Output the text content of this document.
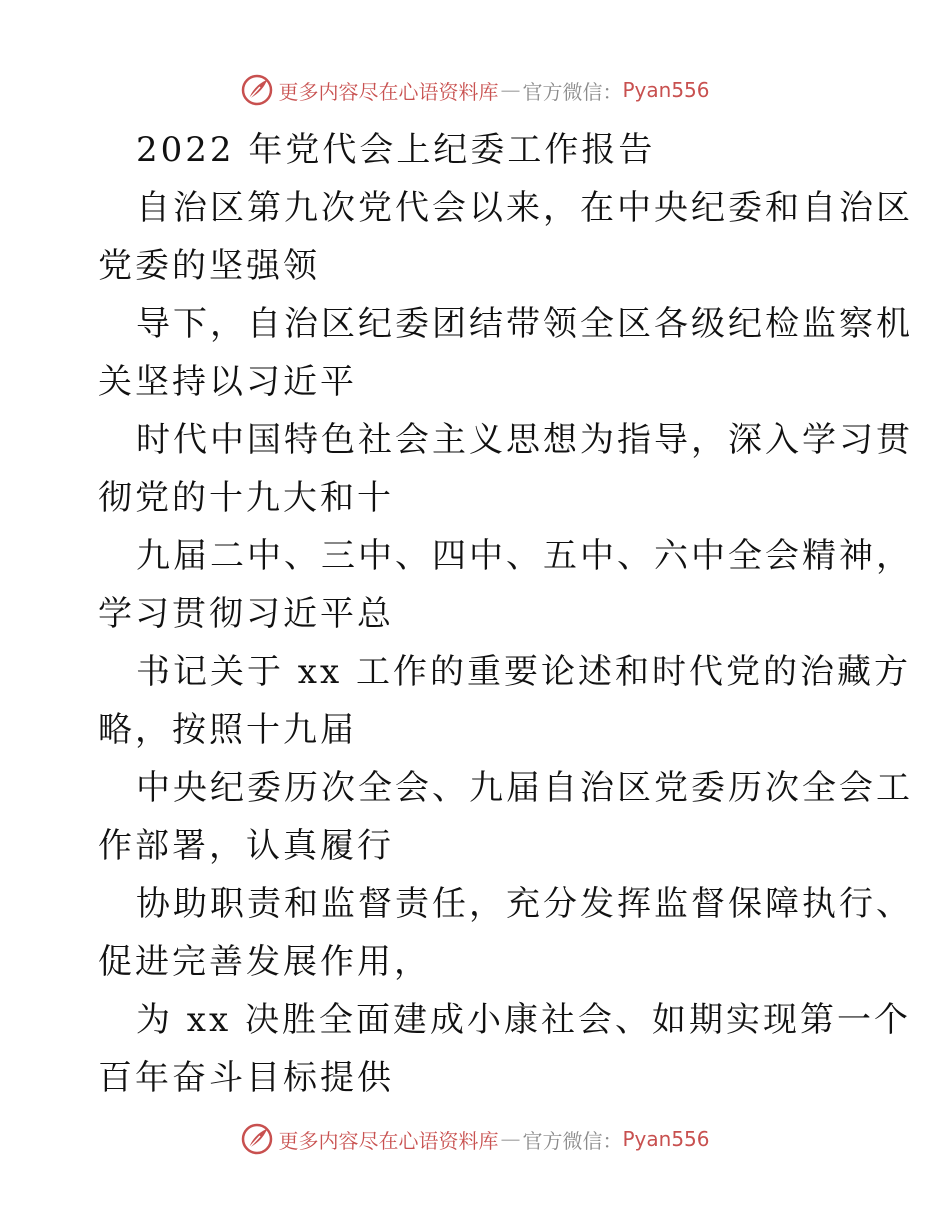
更多内容尽在心语资料库 — 官方微信： Pyan556
2022 年党代会上纪委工作报告
自治区第九次党代会以来，在中央纪委和自治区
党委的坚强领
导下，自治区纪委团结带领全区各级纪检监察机
关坚持以习近平
时代中国特色社会主义思想为指导，深入学习贯
彻党的十九大和十
九届二中、三中、四中、五中、六中全会精神，
学习贯彻习近平总
书记关于 xx 工作的重要论述和时代党的治藏方
略，按照十九届
中央纪委历次全会、九届自治区党委历次全会工
作部署，认真履行
协助职责和监督责任，充分发挥监督保障执行、
促进完善发展作用，
为 xx 决胜全面建成小康社会、如期实现第一个
百年奋斗目标提供
更多内容尽在心语资料库 — 官方微信： Pyan556
